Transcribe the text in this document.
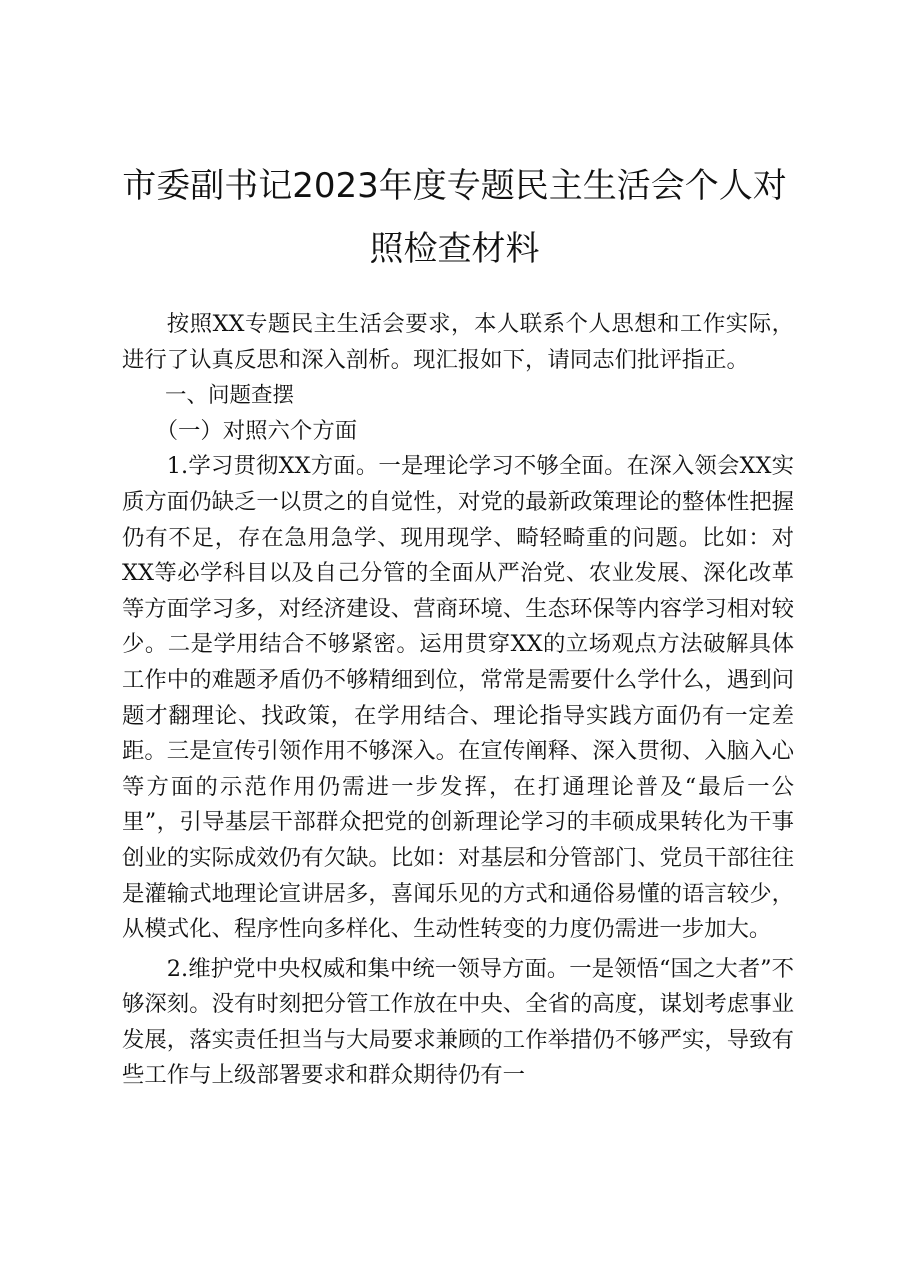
市委副书记2023年度专题民主生活会个人对
照检查材料

按照XX专题民主生活会要求，本人联系个人思想和工作实际，进行了认真反思和深入剖析。现汇报如下，请同志们批评指正。

一、问题查摆

（一）对照六个方面

1.学习贯彻XX方面。一是理论学习不够全面。在深入领会XX实质方面仍缺乏一以贯之的自觉性，对党的最新政策理论的整体性把握仍有不足，存在急用急学、现用现学、畸轻畸重的问题。比如：对XX等必学科目以及自己分管的全面从严治党、农业发展、深化改革等方面学习多，对经济建设、营商环境、生态环保等内容学习相对较少。二是学用结合不够紧密。运用贯穿XX的立场观点方法破解具体工作中的难题矛盾仍不够精细到位，常常是需要什么学什么，遇到问题才翻理论、找政策，在学用结合、理论指导实践方面仍有一定差距。三是宣传引领作用不够深入。在宣传阐释、深入贯彻、入脑入心等方面的示范作用仍需进一步发挥，在打通理论普及“最后一公里”，引导基层干部群众把党的创新理论学习的丰硕成果转化为干事创业的实际成效仍有欠缺。比如：对基层和分管部门、党员干部往往是灌输式地理论宣讲居多，喜闻乐见的方式和通俗易懂的语言较少，从模式化、程序性向多样化、生动性转变的力度仍需进一步加大。

2.维护党中央权威和集中统一领导方面。一是领悟“国之大者”不够深刻。没有时刻把分管工作放在中央、全省的高度，谋划考虑事业发展，落实责任担当与大局要求兼顾的工作举措仍不够严实，导致有些工作与上级部署要求和群众期待仍有一
